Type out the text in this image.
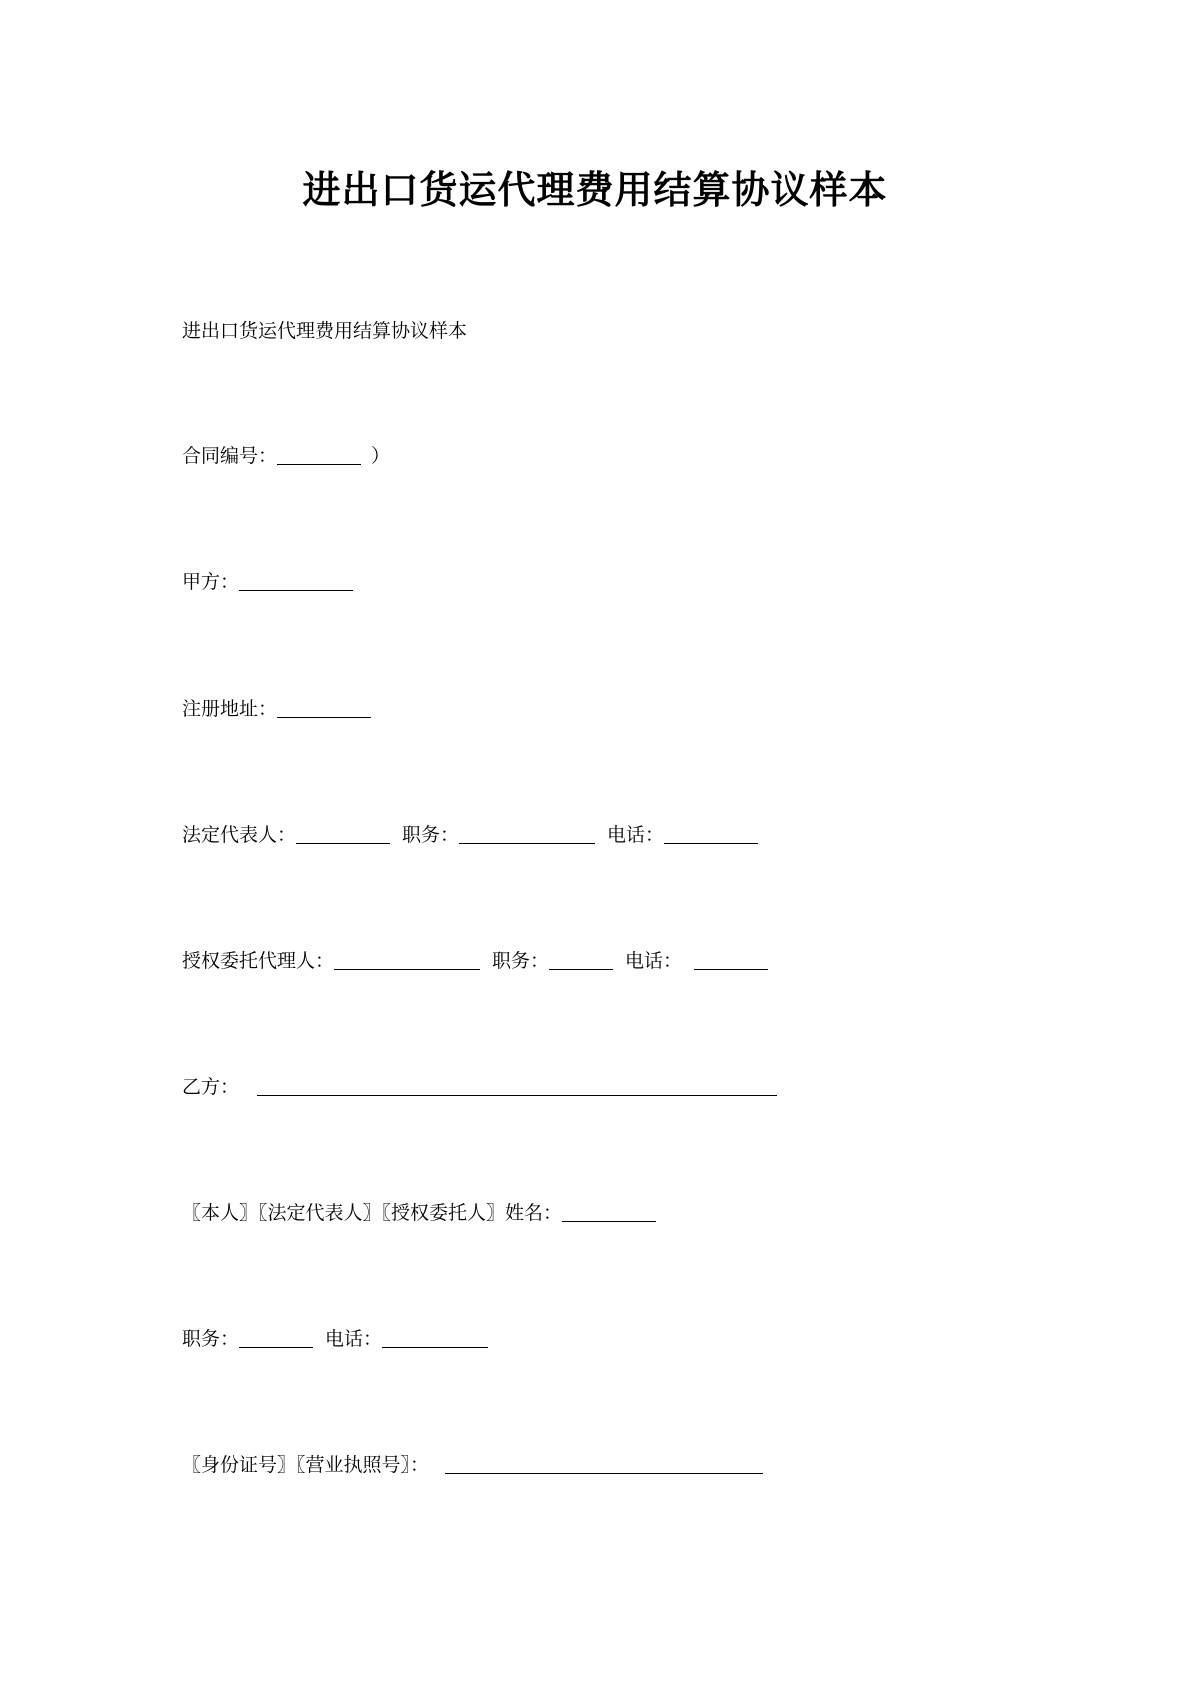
进出口货运代理费用结算协议样本
进出口货运代理费用结算协议样本
合同编号：	）
甲方：
注册地址：
法定代表人：	职务：	电话：
授权委托代理人：	职务：	电话：
乙方：
〖本人〗〖法定代表人〗〖授权委托人〗姓名：
职务：	电话：
〖身份证号〗〖营业执照号〗：
